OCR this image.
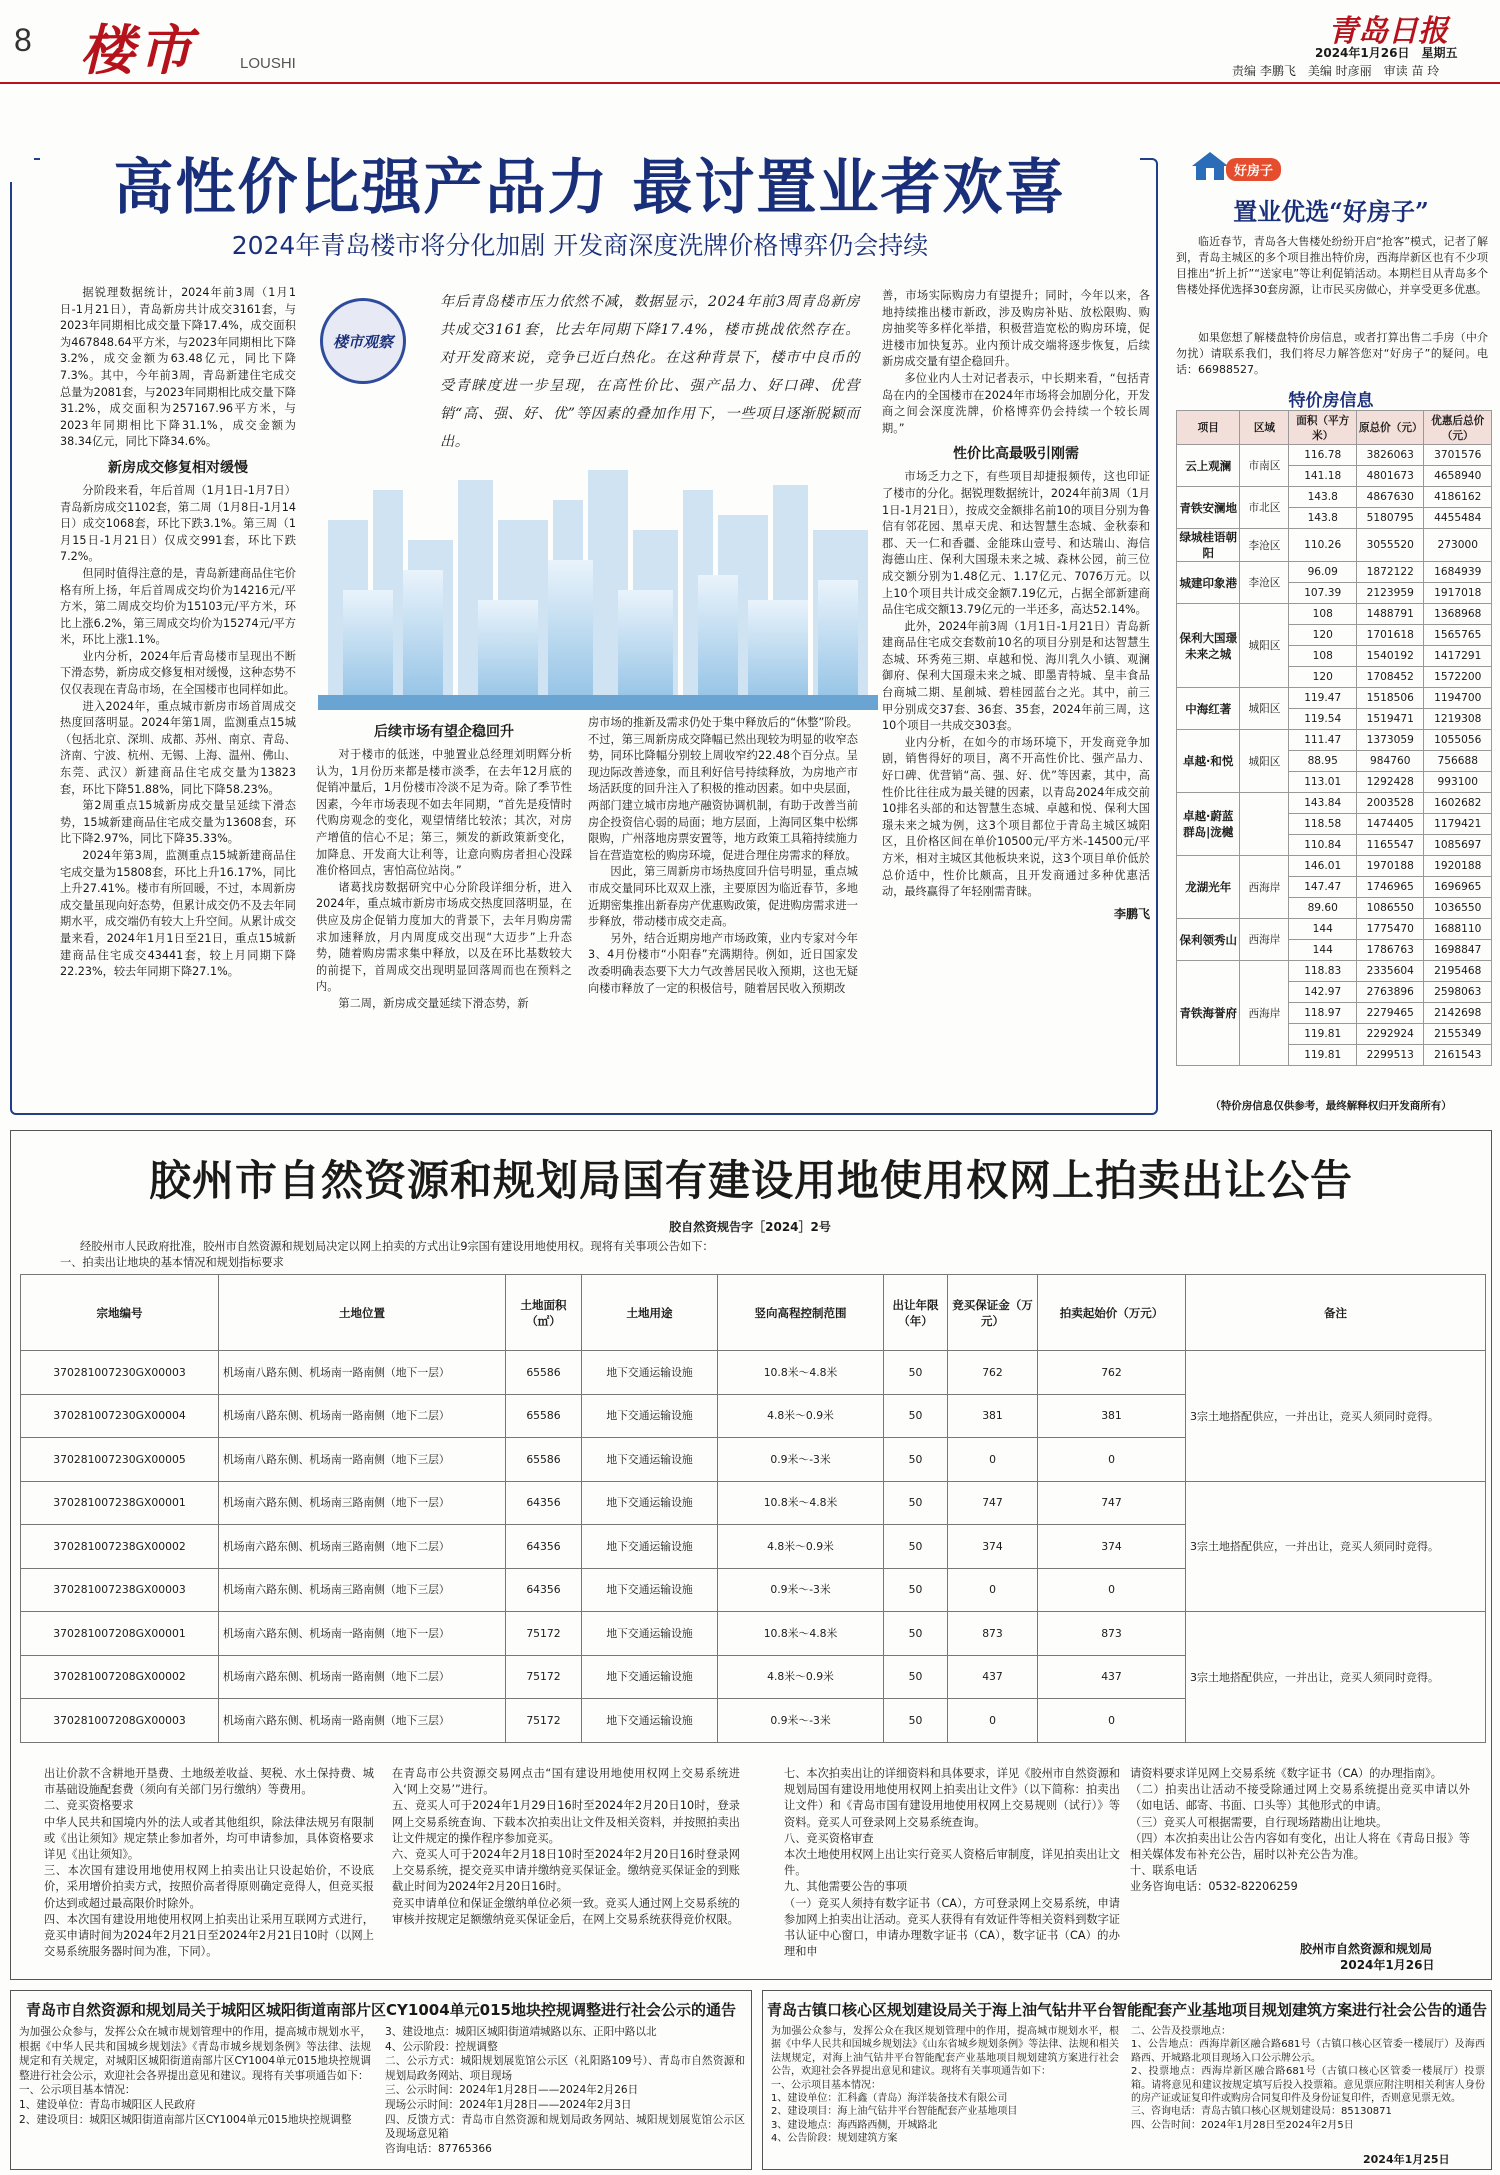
8 楼市	LOUSHI
青岛日报
2024年1月26日　星期五
责编 李鹏飞　美编 时彦丽　审读 苗 玲
高性价比强产品力 最讨置业者欢喜
2024年青岛楼市将分化加剧 开发商深度洗牌价格博弈仍会持续

据锐理数据统计，2024年前3周（1月1日-1月21日），青岛新房共计成交3161套，与2023年同期相比成交量下降17.4%，成交面积为467848.64平方米，与2023年同期相比下降3.2%，成交金额为63.48亿元，同比下降7.3%。其中，今年前3周，青岛新建住宅成交总量为2081套，与2023年同期相比成交量下降31.2%，成交面积为257167.96平方米，与2023年同期相比下降31.1%，成交金额为38.34亿元，同比下降34.6%。

新房成交修复相对缓慢

分阶段来看，年后首周（1月1日-1月7日）青岛新房成交1102套，第二周（1月8日-1月14日）成交1068套，环比下跌3.1%。第三周（1月15日-1月21日）仅成交991套，环比下跌7.2%。

但同时值得注意的是，青岛新建商品住宅价格有所上扬，年后首周成交均价为14216元/平方米，第二周成交均价为15103元/平方米，环比上涨6.2%，第三周成交均价为15274元/平方米，环比上涨1.1%。

业内分析，2024年后青岛楼市呈现出不断下滑态势，新房成交修复相对缓慢，这种态势不仅仅表现在青岛市场，在全国楼市也同样如此。

进入2024年，重点城市新房市场首周成交热度回落明显。2024年第1周，监测重点15城（包括北京、深圳、成都、苏州、南京、青岛、济南、宁波、杭州、无锡、上海、温州、佛山、东莞、武汉）新建商品住宅成交量为13823套，环比下降51.88%，同比下降58.23%。

第2周重点15城新房成交量呈延续下滑态势，15城新建商品住宅成交量为13608套，环比下降2.97%，同比下降35.33%。

2024年第3周，监测重点15城新建商品住宅成交量为15808套，环比上升16.17%，同比上升27.41%。楼市有所回暖，不过，本周新房成交量虽现向好态势，但累计成交仍不及去年同期水平，成交端仍有较大上升空间。从累计成交量来看，2024年1月1日至21日，重点15城新建商品住宅成交43441套，较上月同期下降22.23%，较去年同期下降27.1%。

楼市观察
年后青岛楼市压力依然不减，数据显示，2024年前3周青岛新房共成交3161套，比去年同期下降17.4%，楼市挑战依然存在。对开发商来说，竞争已近白热化。在这种背景下，楼市中良币的受青睐度进一步呈现，在高性价比、强产品力、好口碑、优营销“高、强、好、优”等因素的叠加作用下，一些项目逐渐脱颖而出。
后续市场有望企稳回升

对于楼市的低迷，中驰置业总经理刘明辉分析认为，1月份历来都是楼市淡季，在去年12月底的促销冲量后，1月份楼市冷淡不足为奇。除了季节性因素，今年市场表现不如去年同期，“首先是疫情时代购房观念的变化，观望情绪比较浓；其次，对房产增值的信心不足；第三，频发的新政策新变化，加降息、开发商大让利等，让意向购房者担心没踩准价格回点，害怕高位站岗。”

诸葛找房数据研究中心分阶段详细分析，进入2024年，重点城市新房市场成交热度回落明显，在供应及房企促销力度加大的背景下，去年月购房需求加速释放，月内周度成交出现“大迈步”上升态势，随着购房需求集中释放，以及在环比基数较大的前提下，首周成交出现明显回落周而也在预料之内。

第二周，新房成交量延续下滑态势，新

房市场的推新及需求仍处于集中释放后的“休整”阶段。不过，第三周新房成交降幅已然出现较为明显的收窄态势，同环比降幅分别较上周收窄约22.48个百分点。呈现边际改善迹象，而且利好信号持续释放，为房地产市场活跃度的回升注入了积极的推动因素。如中央层面，两部门建立城市房地产融资协调机制，有助于改善当前房企投资信心弱的局面；地方层面，上海同区集中松绑限购，广州落地房票安置等，地方政策工具箱持续施力旨在营造宽松的购房环境，促进合理住房需求的释放。

因此，第三周新房市场热度回升信号明显，重点城市成交量同环比双双上涨，主要原因为临近春节，多地近期密集推出新春房产优惠购政策，促进购房需求进一步释放，带动楼市成交走高。

另外，结合近期房地产市场政策，业内专家对今年3、4月份楼市“小阳春”充满期待。例如，近日国家发改委明确表态要下大力气改善居民收入预期，这也无疑向楼市释放了一定的积极信号，随着居民收入预期改

善，市场实际购房力有望提升；同时，今年以来，各地持续推出楼市新政，涉及购房补贴、放松限购、购房抽奖等多样化举措，积极营造宽松的购房环境，促进楼市加快复苏。业内预计成交端将逐步恢复，后续新房成交量有望企稳回升。

多位业内人士对记者表示，中长期来看，“包括青岛在内的全国楼市在2024年市场将会加剧分化，开发商之间会深度洗牌，价格博弈仍会持续一个较长周期。”

性价比高最吸引刚需

市场乏力之下，有些项目却捷报频传，这也印证了楼市的分化。据锐理数据统计，2024年前3周（1月1日-1月21日），按成交金额排名前10的项目分别为鲁信有邻花园、黑卓天虎、和达智慧生态城、金秋泰和郡、天一仁和香疆、金能珠山壹号、和达瑞山、海信海德山庄、保利大国璟未来之城、森林公园，前三位成交额分别为1.48亿元、1.17亿元、7076万元。以上10个项目共计成交金额7.19亿元，占据全部新建商品住宅成交额13.79亿元的一半还多，高达52.14%。

此外，2024年前3周（1月1日-1月21日）青岛新建商品住宅成交套数前10名的项目分别是和达智慧生态城、环秀苑三期、卓越和悦、海川乳久小镇、观澜御府、保利大国璟未来之城、即墨青特城、皇丰食品台商城二期、星創城、碧桂园蓝台之光。其中，前三甲分别成交37套、36套、35套，2024年前三周，这10个项目一共成交303套。

业内分析，在如今的市场环境下，开发商竞争加剧，销售得好的项目，离不开高性价比、强产品力、好口碑、优营销“高、强、好、优”等因素，其中，高性价比往往成为最关键的因素，以青岛2024年成交前10排名头部的和达智慧生态城、卓越和悦、保利大国璟未来之城为例，这3个项目都位于青岛主城区城阳区，且价格区间在单价10500元/平方米-14500元/平方米，相对主城区其他板块来说，这3个项目单价低於总价适中，性价比颇高，且开发商通过多种优惠活动，最终赢得了年轻刚需青睐。

李鹏飞
好房子
置业优选“好房子”

临近春节，青岛各大售楼处纷纷开启“抢客”模式，记者了解到，青岛主城区的多个项目推出特价房，西海岸新区也有不少项目推出“折上折”“送家电”等让利促销活动。本期栏目从青岛多个售楼处择优选择30套房源，让市民买房做心，并享受更多优惠。

如果您想了解楼盘特价房信息，或者打算出售二手房（中介勿扰）请联系我们，我们将尽力解答您对“好房子”的疑问。电话：66988527。

特价房信息
项目	区域	面积（平方米）	原总价（元）	优惠后总价（元）
云上观澜	市南区	116.78	3826063	3701576
		141.18	4801673	4658940
青铁安澜地	市北区	143.8	4867630	4186162
		143.8	5180795	4455484
绿城桂语朝阳	李沧区	110.26	3055520	273000
城建印象港	李沧区	96.09	1872122	1684939
		107.39	2123959	1917018
保利大国璟未来之城	城阳区	108	1488791	1368968
		120	1701618	1565765
		108	1540192	1417291
		120	1708452	1572200
中海红著	城阳区	119.47	1518506	1194700
		119.54	1519471	1219308
卓越·和悦	城阳区	111.47	1373059	1055056
		88.95	984760	756688
		113.01	1292428	993100
卓越·蔚蓝群岛|泷樾		143.84	2003528	1602682
		118.58	1474405	1179421
		110.84	1165547	1085697
龙湖光年	西海岸	146.01	1970188	1920188
		147.47	1746965	1696965
		89.60	1086550	1036550
保利领秀山	西海岸	144	1775470	1688110
		144	1786763	1698847
青铁海誉府	西海岸	118.83	2335604	2195468
		142.97	2763896	2598063
		118.97	2279465	2142698
		119.81	2292924	2155349
		119.81	2299513	2161543
（特价房信息仅供参考，最终解释权归开发商所有）
胶州市自然资源和规划局国有建设用地使用权网上拍卖出让公告
胶自然资规告字［2024］2号
经胶州市人民政府批准，胶州市自然资源和规划局决定以网上拍卖的方式出让9宗国有建设用地使用权。现将有关事项公告如下：
一、拍卖出让地块的基本情况和规划指标要求
宗地编号	土地位置	土地面积（㎡）	土地用途	竖向高程控制范围	出让年限（年）	竞买保证金（万元）	拍卖起始价（万元）	备注
370281007230GX00003	机场南八路东侧、机场南一路南侧（地下一层）	65586	地下交通运输设施	10.8米～4.8米	50	762	762	3宗土地搭配供应，一并出让，竞买人须同时竞得。
370281007230GX00004	机场南八路东侧、机场南一路南侧（地下二层）	65586	地下交通运输设施	4.8米～0.9米	50	381	381	
370281007230GX00005	机场南八路东侧、机场南一路南侧（地下三层）	65586	地下交通运输设施	0.9米～-3米	50	0	0	
370281007238GX00001	机场南六路东侧、机场南三路南侧（地下一层）	64356	地下交通运输设施	10.8米～4.8米	50	747	747	3宗土地搭配供应，一并出让，竞买人须同时竞得。
370281007238GX00002	机场南六路东侧、机场南三路南侧（地下二层）	64356	地下交通运输设施	4.8米～0.9米	50	374	374	
370281007238GX00003	机场南六路东侧、机场南三路南侧（地下三层）	64356	地下交通运输设施	0.9米～-3米	50	0	0	
370281007208GX00001	机场南六路东侧、机场南一路南侧（地下一层）	75172	地下交通运输设施	10.8米～4.8米	50	873	873	3宗土地搭配供应，一并出让，竞买人须同时竞得。
370281007208GX00002	机场南六路东侧、机场南一路南侧（地下二层）	75172	地下交通运输设施	4.8米～0.9米	50	437	437	
370281007208GX00003	机场南六路东侧、机场南一路南侧（地下三层）	75172	地下交通运输设施	0.9米～-3米	50	0	0	
出让价款不含耕地开垦费、土地级差收益、契税、水土保持费、城市基础设施配套费（须向有关部门另行缴纳）等费用。
二、竞买资格要求
中华人民共和国境内外的法人或者其他组织，除法律法规另有限制或《出让须知》规定禁止参加者外，均可申请参加，具体资格要求详见《出让须知》。
三、本次国有建设用地使用权网上拍卖出让只设起始价，不设底价，采用增价拍卖方式，按照价高者得原则确定竞得人，但竞买报价达到或超过最高限价时除外。
四、本次国有建设用地使用权网上拍卖出让采用互联网方式进行，竞买申请时间为2024年2月21日至2024年2月21日10时（以网上交易系统服务器时间为准，下同）。
在青岛市公共资源交易网点击“国有建设用地使用权网上交易系统进入‘网上交易’”进行。
五、竞买人可于2024年1月29日16时至2024年2月20日10时，登录网上交易系统查询、下载本次拍卖出让文件及相关资料，并按照拍卖出让文件规定的操作程序参加竞买。
六、竞买人可于2024年2月18日10时至2024年2月20日16时登录网上交易系统，提交竞买申请并缴纳竞买保证金。缴纳竞买保证金的到账截止时间为2024年2月20日16时。
竞买申请单位和保证金缴纳单位必须一致。竞买人通过网上交易系统的审核并按规定足额缴纳竞买保证金后，在网上交易系统获得竞价权限。
七、本次拍卖出让的详细资料和具体要求，详见《胶州市自然资源和规划局国有建设用地使用权网上拍卖出让文件》（以下简称：拍卖出让文件）和《青岛市国有建设用地使用权网上交易规则（试行）》等资料。竞买人可登录网上交易系统查询。
八、竞买资格审查
本次土地使用权网上出让实行竞买人资格后审制度，详见拍卖出让文件。
九、其他需要公告的事项
（一）竞买人须持有数字证书（CA），方可登录网上交易系统，申请参加网上拍卖出让活动。竞买人获得有有效证件等相关资料到数字证书认证中心窗口，申请办理数字证书（CA），数字证书（CA）的办理和申
请资料要求详见网上交易系统《数字证书（CA）的办理指南》。
（二）拍卖出让活动不接受除通过网上交易系统提出竞买申请以外（如电话、邮寄、书面、口头等）其他形式的申请。
（三）竞买人可根据需要，自行现场踏勘出让地块。
（四）本次拍卖出让公告内容如有变化，出让人将在《青岛日报》等相关媒体发布补充公告，届时以补充公告为准。
十、联系电话
业务咨询电话：0532-82206259
胶州市自然资源和规划局
2024年1月26日
青岛市自然资源和规划局关于城阳区城阳街道南部片区CY1004单元015地块控规调整进行社会公示的通告
为加强公众参与，发挥公众在城市规划管理中的作用，提高城市规划水平，根据《中华人民共和国城乡规划法》《青岛市城乡规划条例》等法律、法规规定和有关规定，对城阳区城阳街道南部片区CY1004单元015地块控规调整进行社会公示，欢迎社会各界提出意见和建议。现将有关事项通告如下：
一、公示项目基本情况：
1、建设单位：青岛市城阳区人民政府
2、建设项目：城阳区城阳街道南部片区CY1004单元015地块控规调整
3、建设地点：城阳区城阳街道靖城路以东、正阳中路以北
4、公示阶段：控规调整
二、公示方式：城阳规划展览馆公示区（礼阳路109号）、青岛市自然资源和规划局政务网站、项目现场
三、公示时间：2024年1月28日——2024年2月26日
现场公示时间：2024年1月28日——2024年2月3日
四、反馈方式：青岛市自然资源和规划局政务网站、城阳规划展览馆公示区及现场意见箱
咨询电话：87765366
青岛古镇口核心区规划建设局关于海上油气钻井平台智能配套产业基地项目规划建筑方案进行社会公告的通告
为加强公众参与，发挥公众在我区规划管理中的作用，提高城市规划水平，根据《中华人民共和国城乡规划法》《山东省城乡规划条例》等法律、法规和相关法规规定，对海上油气钻井平台智能配套产业基地项目规划建筑方案进行社会公告，欢迎社会各界提出意见和建议。现将有关事项通告如下：
一、公示项目基本情况：
1、建设单位：汇科鑫（青岛）海洋装备技术有限公司
2、建设项目：海上油气钻井平台智能配套产业基地项目
3、建设地点：海西路西侧，开城路北
4、公告阶段：规划建筑方案
二、公告及投票地点：
1、公告地点：西海岸新区融合路681号（古镇口核心区管委一楼展厅）及海西路西、开城路北项目现场入口公示牌公示。
2、投票地点：西海岸新区融合路681号（古镇口核心区管委一楼展厅）投票箱。请将意见和建议按规定填写后投入投票箱。意见票应附注明相关利害人身份的房产证或证复印件或购房合同复印件及身份证复印件，否则意见票无效。
三、咨询电话：青岛古镇口核心区规划建设局：85130871
四、公告时间：2024年1月28日至2024年2月5日
2024年1月25日
